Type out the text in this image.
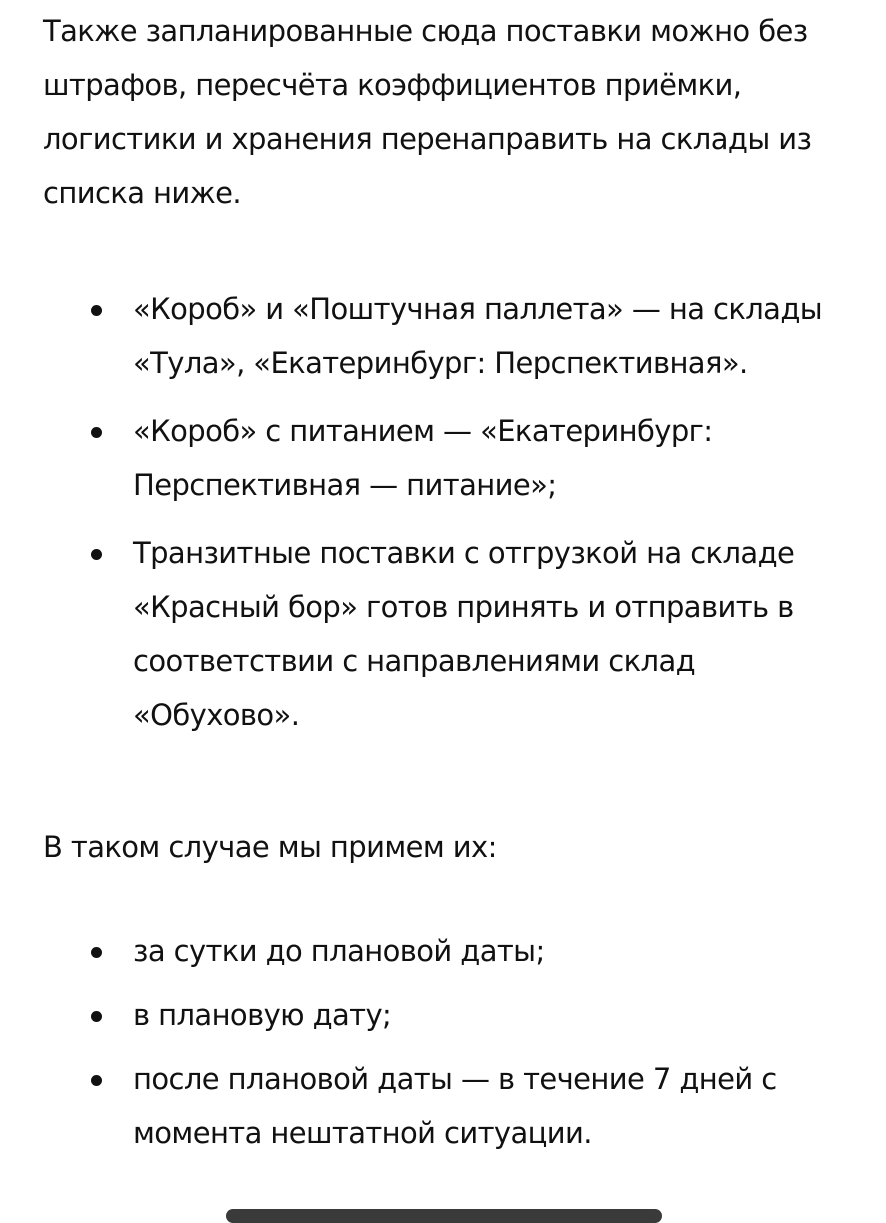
Также запланированные сюда поставки можно без штрафов, пересчёта коэффициентов приёмки, логистики и хранения перенаправить на склады из списка ниже.

«Короб» и «Поштучная паллета» — на склады «Тула», «Екатеринбург: Перспективная».
«Короб» с питанием — «Екатеринбург: Перспективная — питание»;
Транзитные поставки с отгрузкой на складе «Красный бор» готов принять и отправить в соответствии с направлениями склад «Обухово».

В таком случае мы примем их:

за сутки до плановой даты;
в плановую дату;
после плановой даты — в течение 7 дней с момента нештатной ситуации.
